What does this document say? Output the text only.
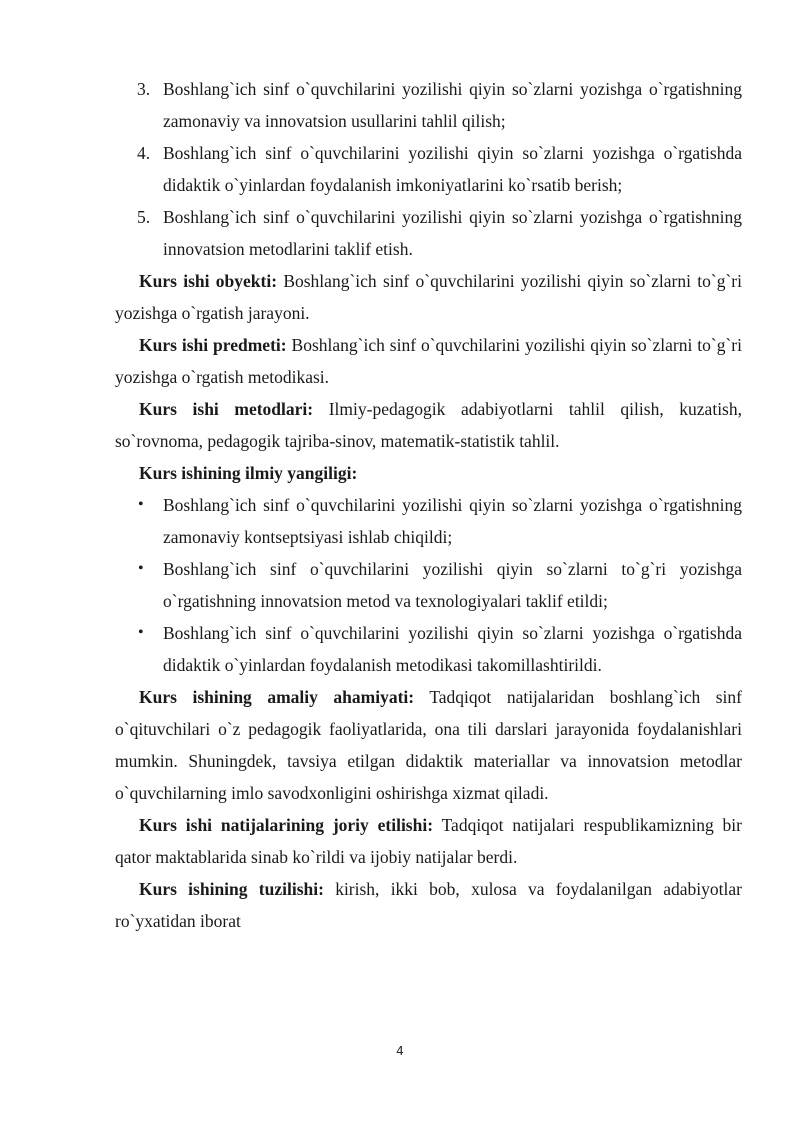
3. Boshlang`ich sinf o`quvchilarini yozilishi qiyin so`zlarni yozishga o`rgatishning zamonaviy va innovatsion usullarini tahlil qilish;
4. Boshlang`ich sinf o`quvchilarini yozilishi qiyin so`zlarni yozishga o`rgatishda didaktik o`yinlardan foydalanish imkoniyatlarini ko`rsatib berish;
5. Boshlang`ich sinf o`quvchilarini yozilishi qiyin so`zlarni yozishga o`rgatishning innovatsion metodlarini taklif etish.

Kurs ishi obyekti: Boshlang`ich sinf o`quvchilarini yozilishi qiyin so`zlarni to`g`ri yozishga o`rgatish jarayoni.

Kurs ishi predmeti: Boshlang`ich sinf o`quvchilarini yozilishi qiyin so`zlarni to`g`ri yozishga o`rgatish metodikasi.

Kurs ishi metodlari: Ilmiy-pedagogik adabiyotlarni tahlil qilish, kuzatish, so`rovnoma, pedagogik tajriba-sinov, matematik-statistik tahlil.

Kurs ishining ilmiy yangiligi:

• Boshlang`ich sinf o`quvchilarini yozilishi qiyin so`zlarni yozishga o`rgatishning zamonaviy kontseptsiyasi ishlab chiqildi;
• Boshlang`ich sinf o`quvchilarini yozilishi qiyin so`zlarni to`g`ri yozishga o`rgatishning innovatsion metod va texnologiyalari taklif etildi;
• Boshlang`ich sinf o`quvchilarini yozilishi qiyin so`zlarni yozishga o`rgatishda didaktik o`yinlardan foydalanish metodikasi takomillashtirildi.

Kurs ishining amaliy ahamiyati: Tadqiqot natijalaridan boshlang`ich sinf o`qituvchilari o`z pedagogik faoliyatlarida, ona tili darslari jarayonida foydalanishlari mumkin. Shuningdek, tavsiya etilgan didaktik materiallar va innovatsion metodlar o`quvchilarning imlo savodxonligini oshirishga xizmat qiladi.

Kurs ishi natijalarining joriy etilishi: Tadqiqot natijalari respublikamizning bir qator maktablarida sinab ko`rildi va ijobiy natijalar berdi.

Kurs ishining tuzilishi: kirish, ikki bob, xulosa va foydalanilgan adabiyotlar ro`yxatidan iborat

4
